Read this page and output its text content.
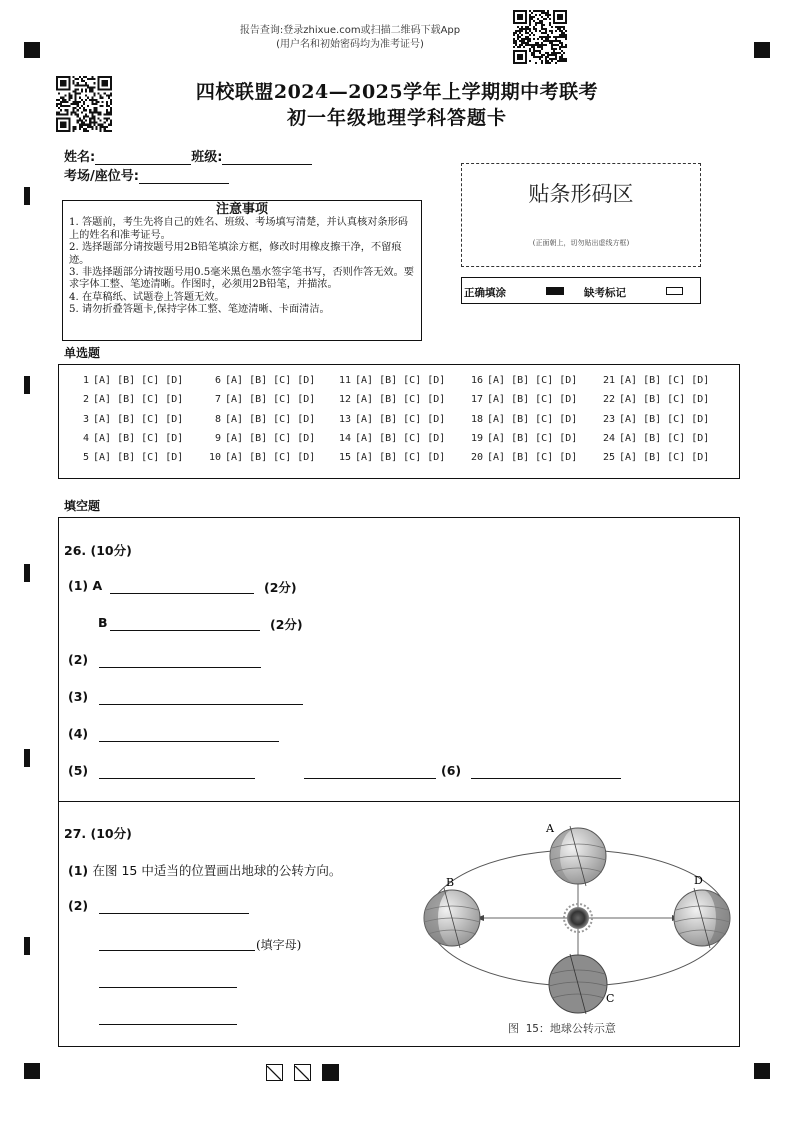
报告查询:登录zhixue.com或扫描二维码下载App
(用户名和初始密码均为准考证号)
四校联盟2024—2025学年上学期期中考联考
初一年级地理学科答题卡
姓名:	班级:
考场/座位号:
注意事项
1. 答题前，考生先将自己的姓名、班级、考场填写清楚，并认真核对条形码上的姓名和准考证号。
2. 选择题部分请按题号用2B铅笔填涂方框，修改时用橡皮擦干净，不留痕迹。
3. 非选择题部分请按题号用0.5毫米黑色墨水签字笔书写，否则作答无效。要求字体工整、笔迹清晰。作图时，必须用2B铅笔，并描浓。
4. 在草稿纸、试题卷上答题无效。
5. 请勿折叠答题卡,保持字体工整、笔迹清晰、卡面清洁。
贴条形码区
(正面朝上，切勿贴出虚线方框)
正确填涂	缺考标记
单选题
1 [A] [B] [C] [D]
2 [A] [B] [C] [D]
3 [A] [B] [C] [D]
4 [A] [B] [C] [D]
5 [A] [B] [C] [D]
6 [A] [B] [C] [D]
7 [A] [B] [C] [D]
8 [A] [B] [C] [D]
9 [A] [B] [C] [D]
10 [A] [B] [C] [D]
11 [A] [B] [C] [D]
12 [A] [B] [C] [D]
13 [A] [B] [C] [D]
14 [A] [B] [C] [D]
15 [A] [B] [C] [D]
16 [A] [B] [C] [D]
17 [A] [B] [C] [D]
18 [A] [B] [C] [D]
19 [A] [B] [C] [D]
20 [A] [B] [C] [D]
21 [A] [B] [C] [D]
22 [A] [B] [C] [D]
23 [A] [B] [C] [D]
24 [A] [B] [C] [D]
25 [A] [B] [C] [D]
填空题
26. (10分)
(1) A	(2分)
B	(2分)
(2)
(3)
(4)
(5)	(6)
27. (10分)
(1) 在图 15 中适当的位置画出地球的公转方向。
(2)
(填字母)
A
B
C
D
图 15：地球公转示意
